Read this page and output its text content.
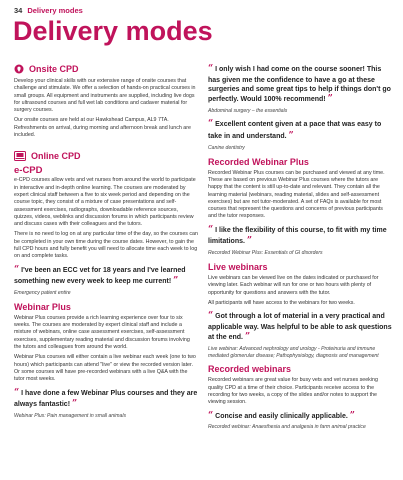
34 Delivery modes
Delivery modes
Onsite CPD

Develop your clinical skills with our extensive range of onsite courses that challenge and stimulate. We offer a selection of hands-on practical courses in small groups. All equipment and instruments are supplied, including live dogs for ultrasound courses and full wet lab conditions and cadaver material for surgery courses.

Our onsite courses are held at our Hawkshead Campus, AL9 7TA. Refreshments on arrival, during morning and afternoon break and lunch are included.

Online CPD
e-CPD

e-CPD courses allow vets and vet nurses from around the world to participate in interactive and in-depth online learning. The courses are moderated by expert clinical staff between a five to six week period and depending on the course topic, they consist of a mixture of case presentations and self-assessment exercises, radiographs, downloadable reference sources, quizzes, videos, weblinks and discussion forums in which participants review and discuss cases with their colleagues and the tutors.

There is no need to log on at any particular time of the day, so the courses can be completed in your own time during the course dates. However, to gain the full CPD hours and fully benefit you will need to allocate time each week to log on and complete tasks.

“ I've been an ECC vet for 18 years and I've learned something new every week to keep me current! ”
Emergency patient entire
Webinar Plus

Webinar Plus courses provide a rich learning experience over four to six weeks. The courses are moderated by expert clinical staff and include a mixture of webinars, online case assessment exercises, self-assessment exercises, supplementary reading material and discussion forums involving the tutors and colleagues from around the world.

Webinar Plus courses will either contain a live webinar each week (one to two hours) which participants can attend "live" or view the recorded version later. Or some courses will have pre-recorded webinars with a live Q&A with the tutor most weeks.

“ I have done a few Webinar Plus courses and they are always fantastic! ”
Webinar Plus: Pain management in small animals
“ I only wish I had come on the course sooner! This has given me the confidence to have a go at these surgeries and some great tips to help if things don't go perfectly. Would 100% recommend! ”
Abdominal surgery – the essentials
“ Excellent content given at a pace that was easy to take in and understand. ”
Canine dentistry
Recorded Webinar Plus

Recorded Webinar Plus courses can be purchased and viewed at any time. These are based on previous Webinar Plus courses where the tutors are happy that the content is still up-to-date and relevant. They contain all the learning material (webinars, reading material, slides and self-assessment exercises) but are not tutor-moderated. A set of FAQs is available for most courses that represent the questions and concerns of previous participants and the tutor responses.

“ I like the flexibility of this course, to fit with my time limitations. ”
Recorded Webinar Plus: Essentials of GI disorders
Live webinars

Live webinars can be viewed live on the dates indicated or purchased for viewing later. Each webinar will run for one or two hours with plenty of opportunity for questions and answers with the tutor.

All participants will have access to the webinars for two weeks.

“ Got through a lot of material in a very practical and applicable way. Was helpful to be able to ask questions at the end. ”
Live webinar: Advanced nephrology and urology - Proteinuria and immune mediated glomerular disease; Pathophysiology, diagnosis and management
Recorded webinars

Recorded webinars are great value for busy vets and vet nurses seeking quality CPD at a time of their choice. Participants receive access to the recording for two weeks, a copy of the slides and/or notes to support the viewing session.

“ Concise and easily clinically applicable. ”
Recorded webinar: Anaesthesia and analgesia in farm animal practice
